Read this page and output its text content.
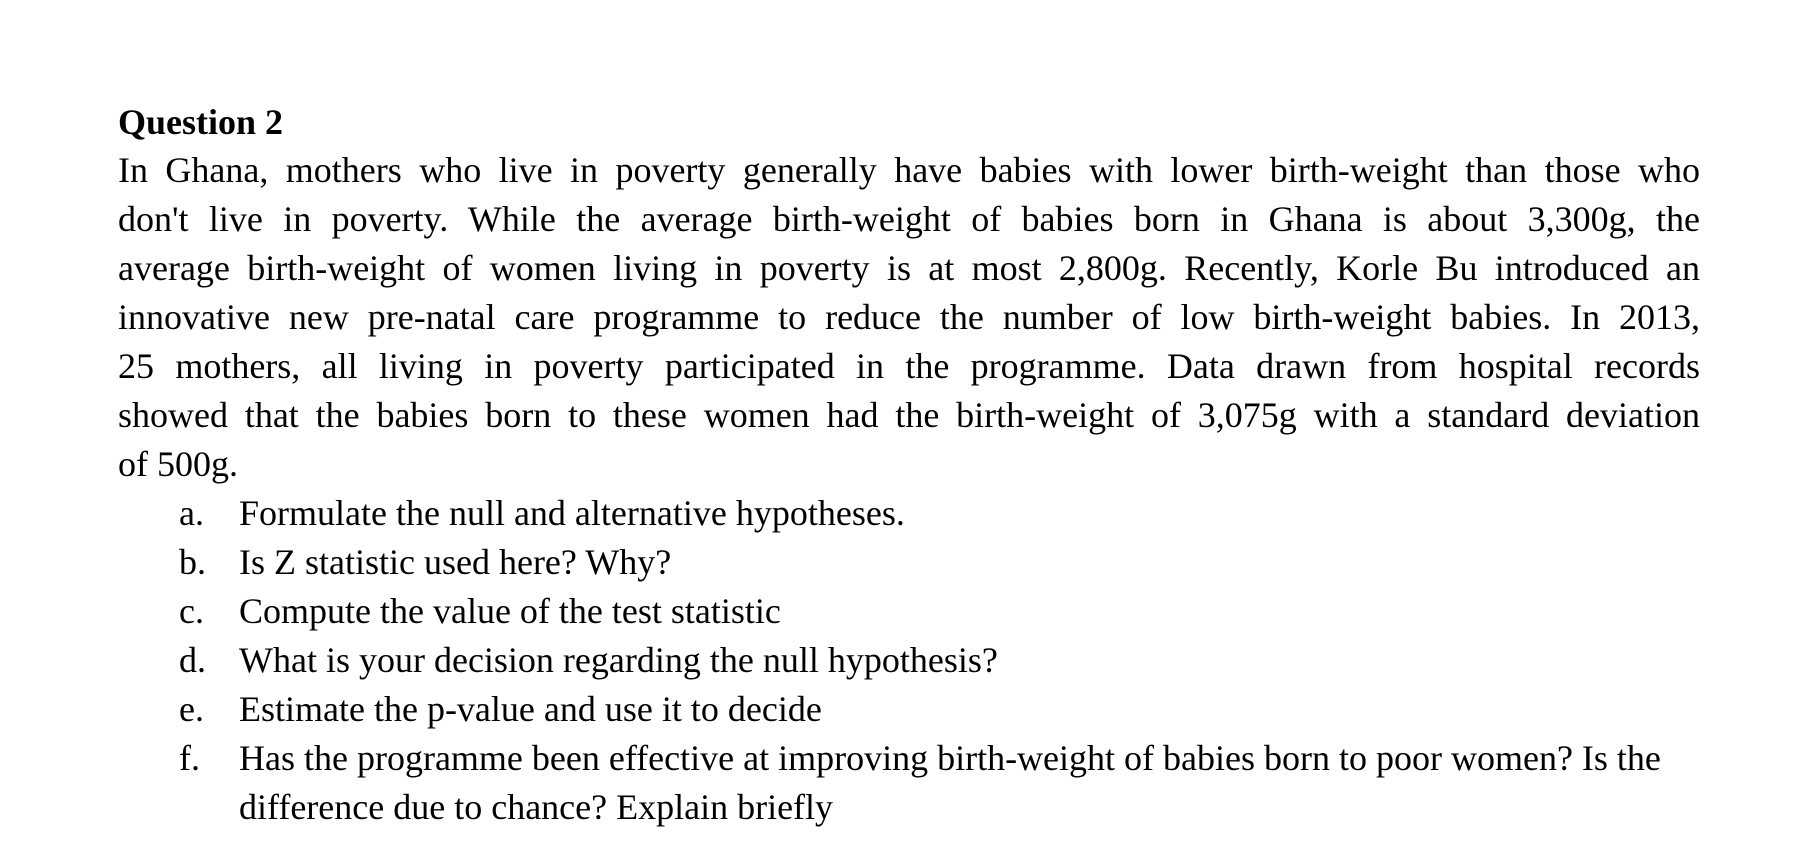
Question 2

In Ghana, mothers who live in poverty generally have babies with lower birth-weight than those who
don't live in poverty. While the average birth-weight of babies born in Ghana is about 3,300g, the
average birth-weight of women living in poverty is at most 2,800g. Recently, Korle Bu introduced an
innovative new pre-natal care programme to reduce the number of low birth-weight babies. In 2013,
25 mothers, all living in poverty participated in the programme. Data drawn from hospital records
showed that the babies born to these women had the birth-weight of 3,075g with a standard deviation
of 500g.

a. Formulate the null and alternative hypotheses.
b. Is Z statistic used here? Why?
c. Compute the value of the test statistic
d. What is your decision regarding the null hypothesis?
e. Estimate the p-value and use it to decide
f. Has the programme been effective at improving birth-weight of babies born to poor women? Is the difference due to chance? Explain briefly
